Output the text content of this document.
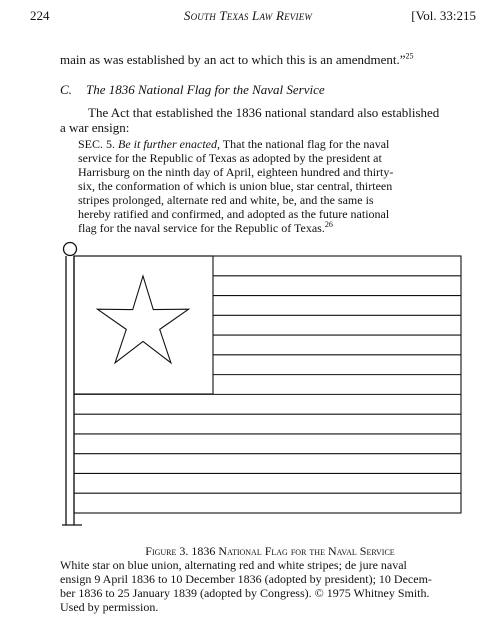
224	South Texas Law Review	[Vol. 33:215
main as was established by an act to which this is an amendment.”$^{25}$
C. The 1836 National Flag for the Naval Service
The Act that established the 1836 national standard also established
a war ensign:
SEC. 5. Be it further enacted, That the national flag for the naval
service for the Republic of Texas as adopted by the president at
Harrisburg on the ninth day of April, eighteen hundred and thirty-
six, the conformation of which is union blue, star central, thirteen
stripes prolonged, alternate red and white, be, and the same is
hereby ratified and confirmed, and adopted as the future national
flag for the naval service for the Republic of Texas.$^{26}$
Figure 3. 1836 National Flag for the Naval Service
White star on blue union, alternating red and white stripes; de jure naval
ensign 9 April 1836 to 10 December 1836 (adopted by president); 10 Decem-
ber 1836 to 25 January 1839 (adopted by Congress). © 1975 Whitney Smith.
Used by permission.
